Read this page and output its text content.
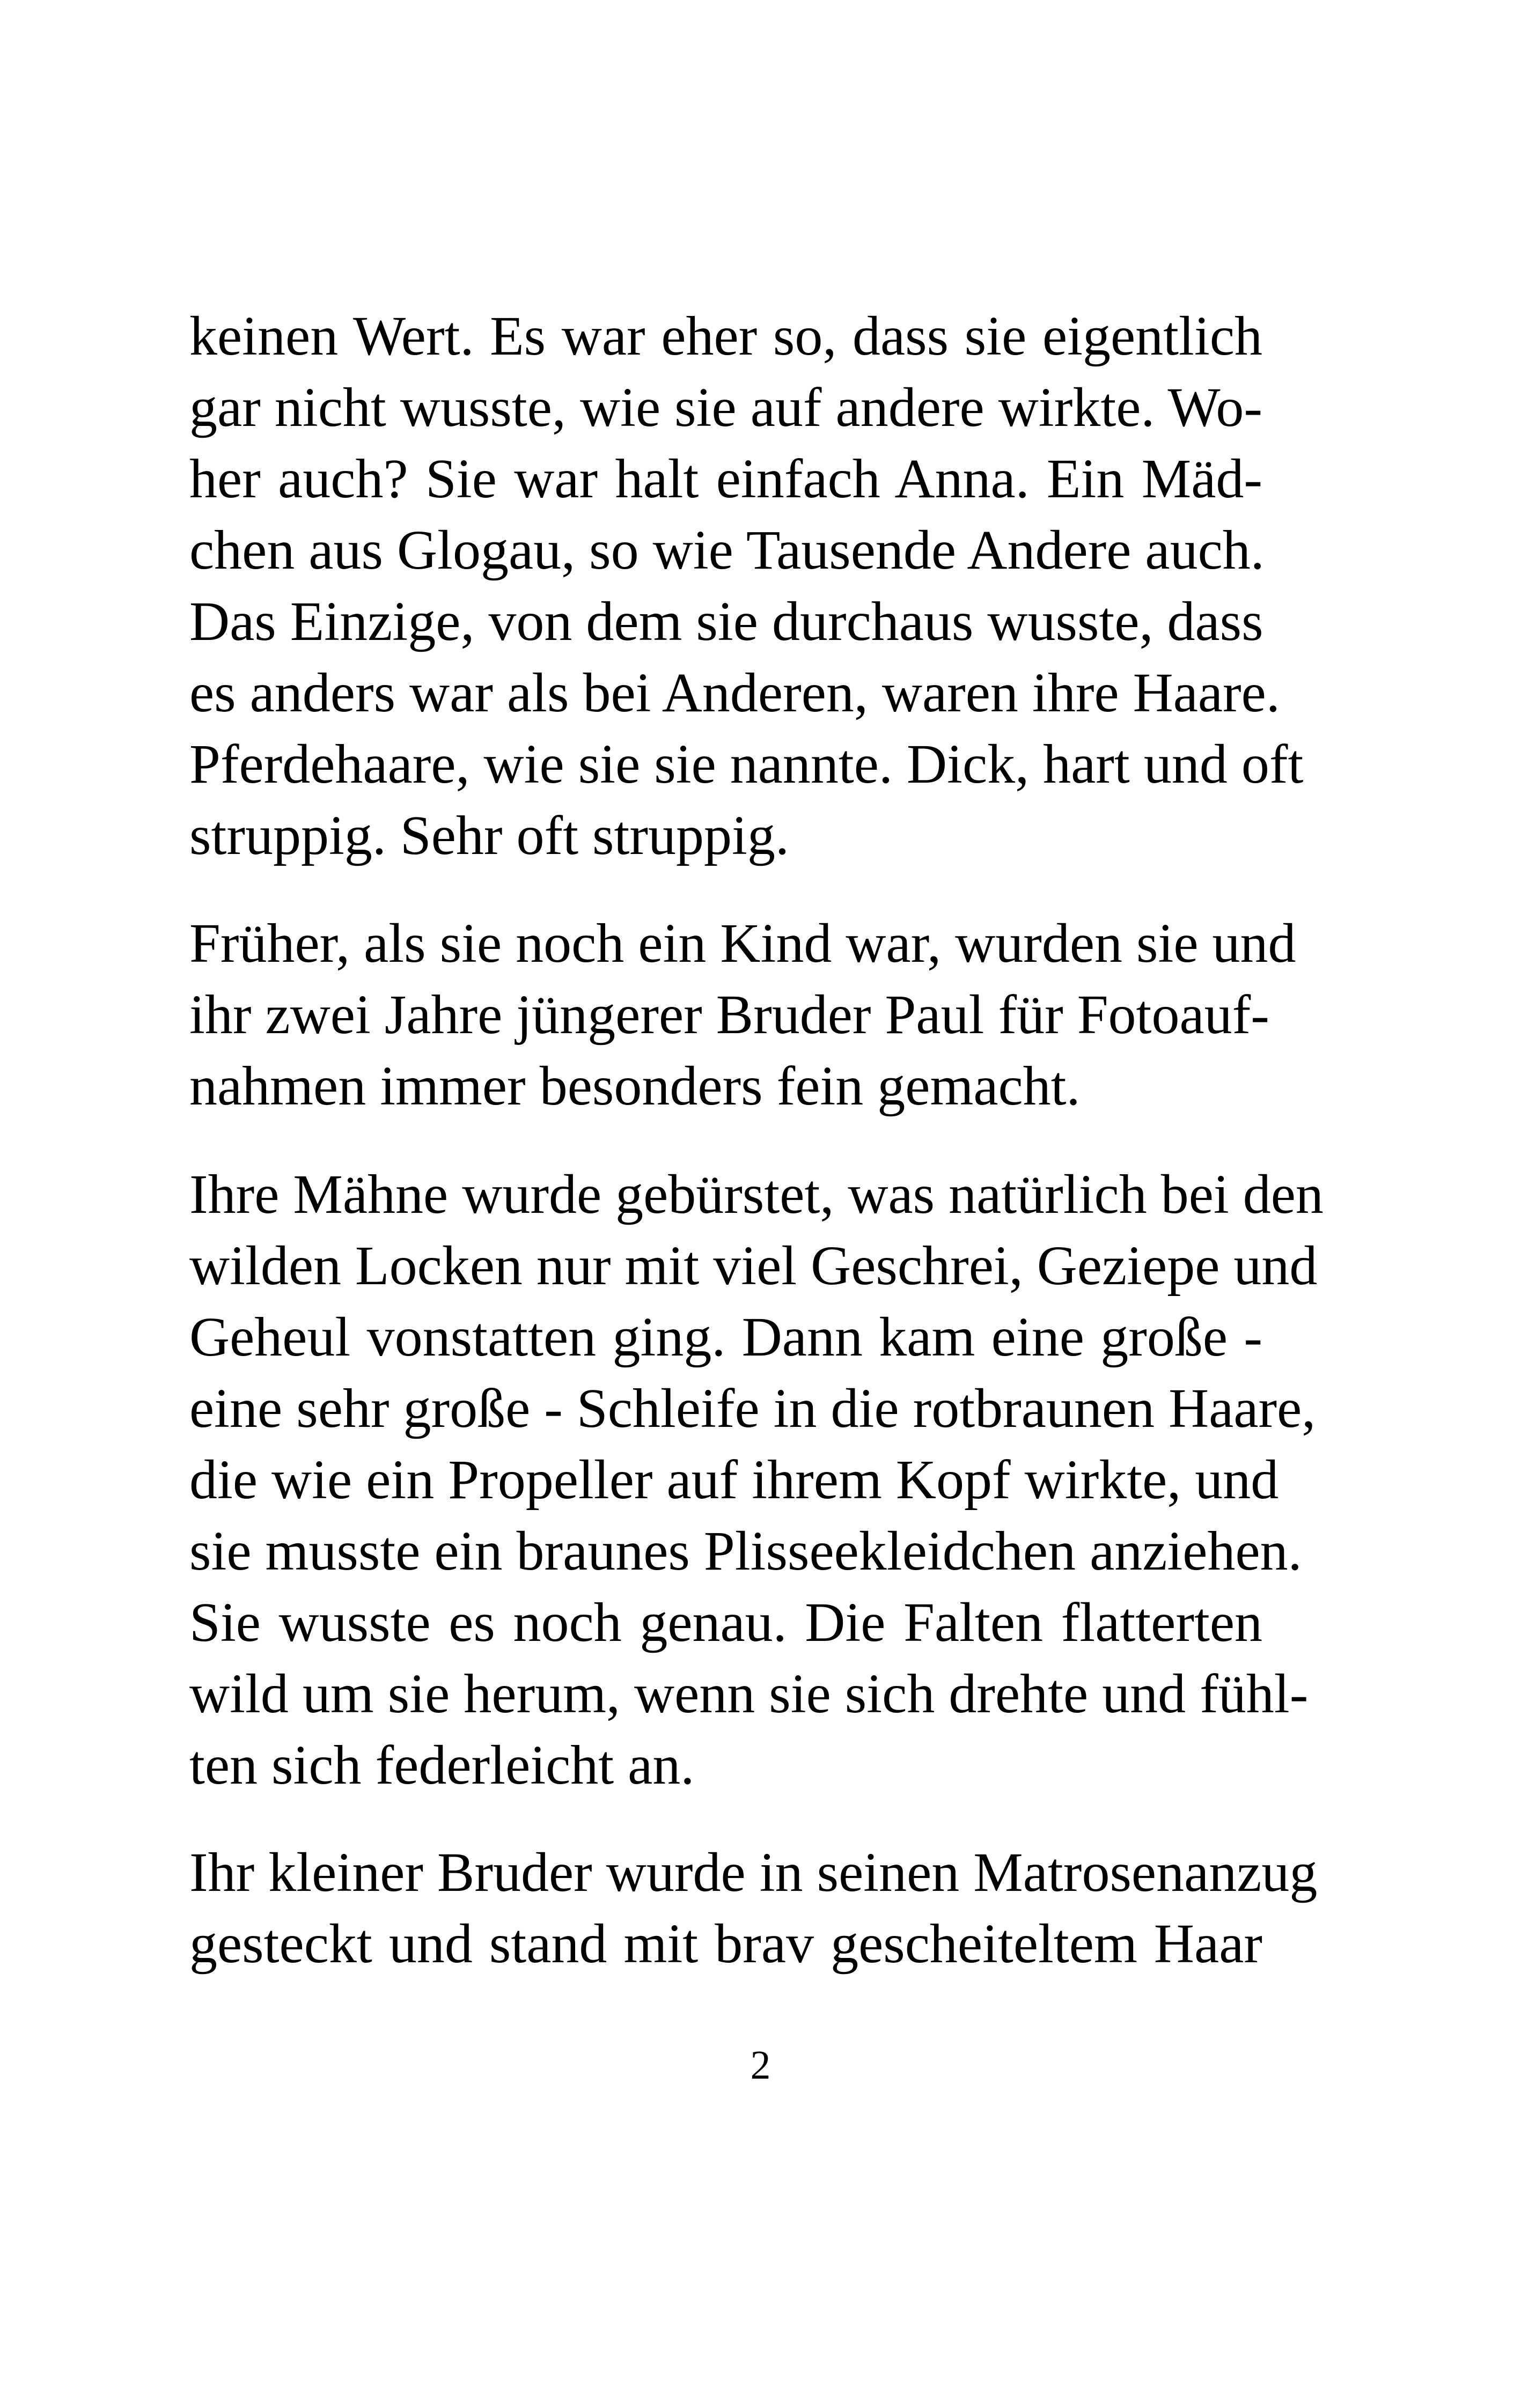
keinen Wert. Es war eher so, dass sie eigentlich
gar nicht wusste, wie sie auf andere wirkte. Wo-
her auch? Sie war halt einfach Anna. Ein Mäd-
chen aus Glogau, so wie Tausende Andere auch.
Das Einzige, von dem sie durchaus wusste, dass
es anders war als bei Anderen, waren ihre Haare.
Pferdehaare, wie sie sie nannte. Dick, hart und oft
struppig. Sehr oft struppig.

Früher, als sie noch ein Kind war, wurden sie und
ihr zwei Jahre jüngerer Bruder Paul für Fotoauf-
nahmen immer besonders fein gemacht.

Ihre Mähne wurde gebürstet, was natürlich bei den
wilden Locken nur mit viel Geschrei, Geziepe und
Geheul vonstatten ging. Dann kam eine große -
eine sehr große - Schleife in die rotbraunen Haare,
die wie ein Propeller auf ihrem Kopf wirkte, und
sie musste ein braunes Plisseekleidchen anziehen.
Sie wusste es noch genau. Die Falten flatterten
wild um sie herum, wenn sie sich drehte und fühl-
ten sich federleicht an.

Ihr kleiner Bruder wurde in seinen Matrosenanzug
gesteckt und stand mit brav gescheiteltem Haar

2
